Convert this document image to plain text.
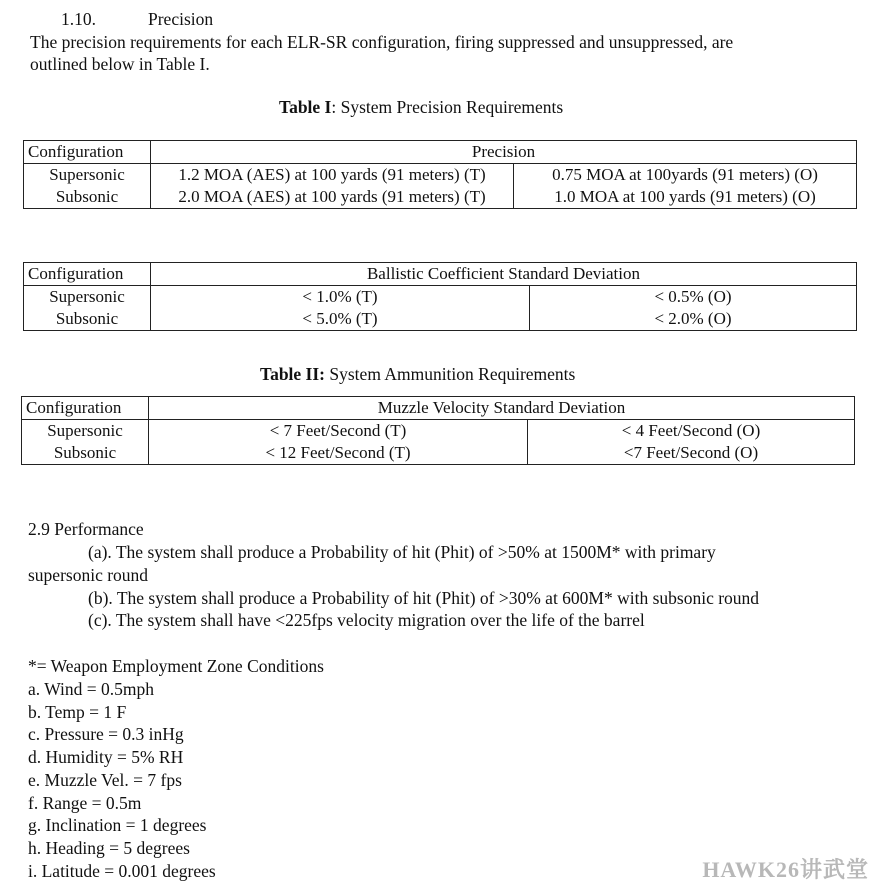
1.10.	Precision
The precision requirements for each ELR-SR configuration, firing suppressed and unsuppressed, are
outlined below in Table I.
Table I: System Precision Requirements
Configuration	Precision	
Supersonic	1.2 MOA (AES) at 100 yards (91 meters) (T)	0.75 MOA at 100yards (91 meters) (O)
Subsonic	2.0 MOA (AES) at 100 yards (91 meters) (T)	1.0 MOA at 100 yards (91 meters) (O)
Configuration	Ballistic Coefficient Standard Deviation	
Supersonic	< 1.0% (T)	< 0.5% (O)
Subsonic	< 5.0% (T)	< 2.0% (O)
Table II: System Ammunition Requirements
Configuration	Muzzle Velocity Standard Deviation	
Supersonic	< 7 Feet/Second (T)	< 4 Feet/Second (O)
Subsonic	< 12 Feet/Second (T)	<7 Feet/Second (O)
2.9 Performance
(a). The system shall produce a Probability of hit (Phit) of >50% at 1500M* with primary
supersonic round
(b). The system shall produce a Probability of hit (Phit) of >30% at 600M* with subsonic round
(c). The system shall have <225fps velocity migration over the life of the barrel
*= Weapon Employment Zone Conditions
a. Wind = 0.5mph
b. Temp = 1 F
c. Pressure = 0.3 inHg
d. Humidity = 5% RH
e. Muzzle Vel. = 7 fps
f. Range = 0.5m
g. Inclination = 1 degrees
h. Heading = 5 degrees
i. Latitude = 0.001 degrees	HAWK26讲武堂
